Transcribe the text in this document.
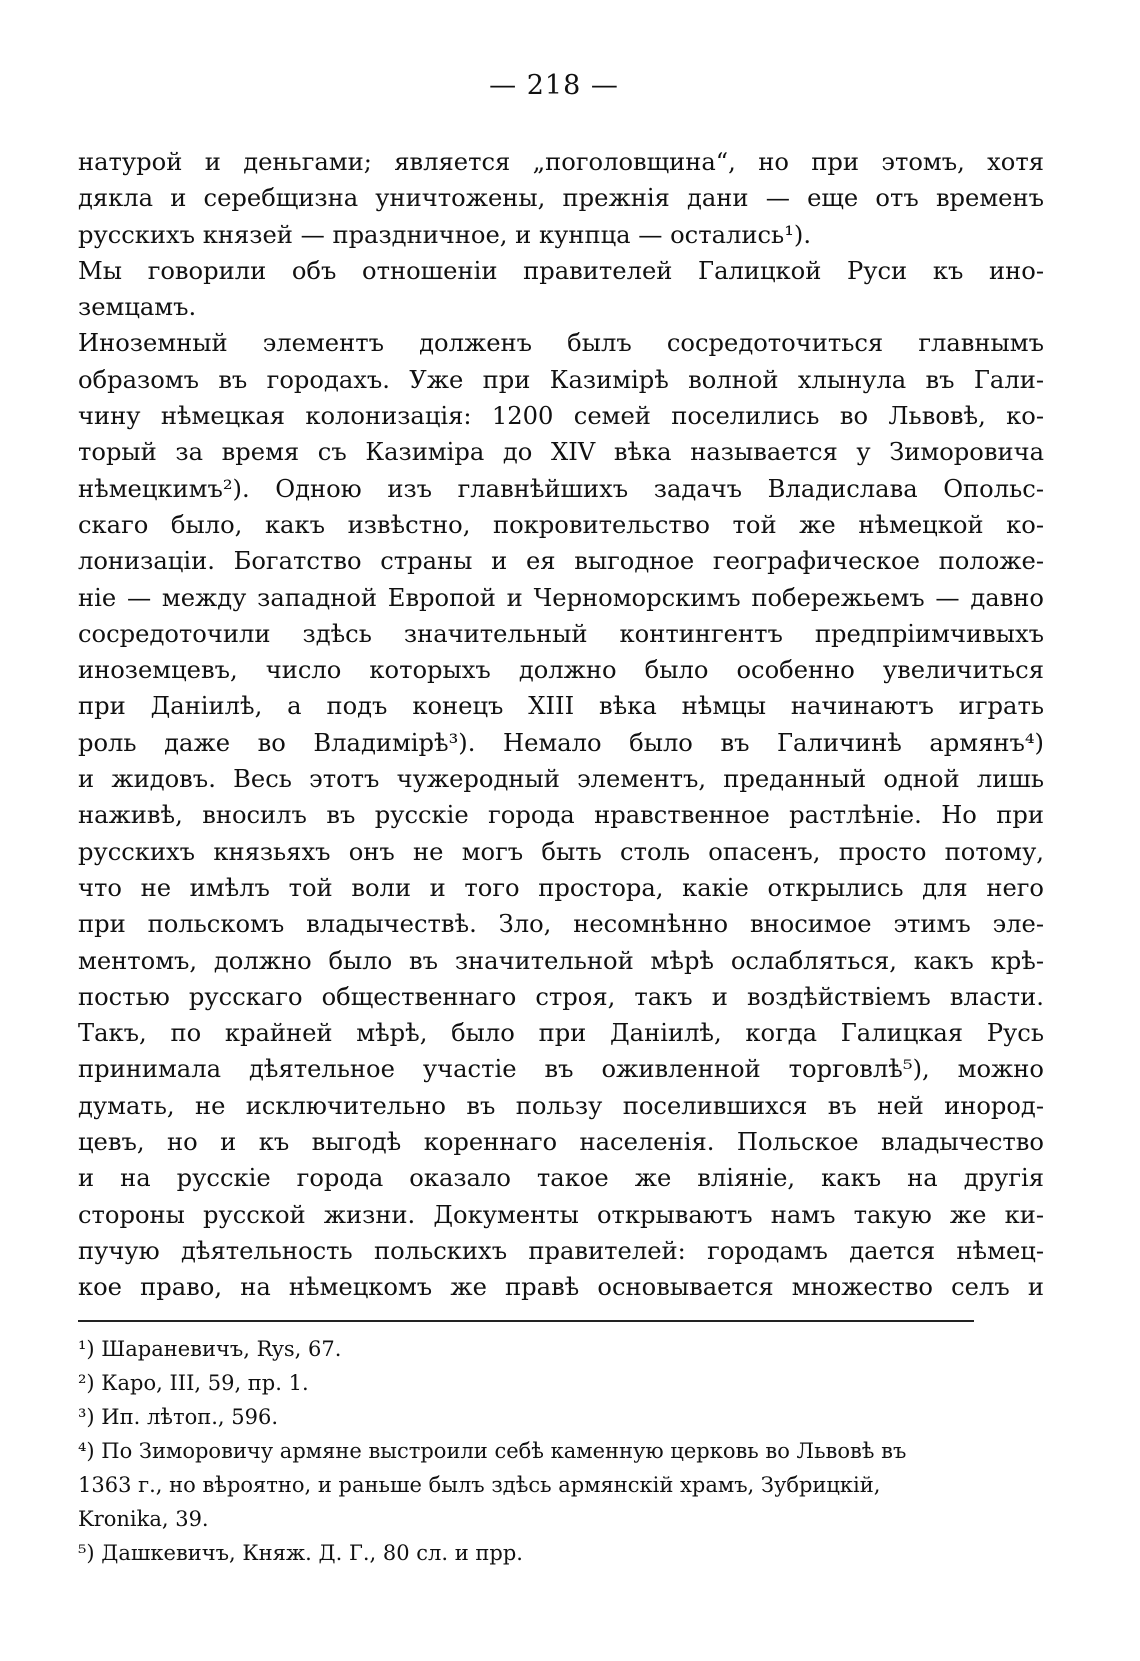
— 218 —
натурой и деньгами; является „поголовщина“, но при этомъ, хотя
дякла и серебщизна уничтожены, прежнія дани — еще отъ временъ
русскихъ князей — праздничное, и кунпца — остались¹).
Мы говорили объ отношеніи правителей Галицкой Руси къ ино-
земцамъ.
Иноземный элементъ долженъ былъ сосредоточиться главнымъ
образомъ въ городахъ. Уже при Казимірѣ волной хлынула въ Гали-
чину нѣмецкая колонизація: 1200 семей поселились во Львовѣ, ко-
торый за время съ Казиміра до XIV вѣка называется у Зиморовича
нѣмецкимъ²). Одною изъ главнѣйшихъ задачъ Владислава Опольс-
скаго было, какъ извѣстно, покровительство той же нѣмецкой ко-
лонизаціи. Богатство страны и ея выгодное географическое положе-
ніе — между западной Европой и Черноморскимъ побережьемъ — давно
сосредоточили здѣсь значительный контингентъ предпріимчивыхъ
иноземцевъ, число которыхъ должно было особенно увеличиться
при Даніилѣ, а подъ конецъ XIII вѣка нѣмцы начинаютъ играть
роль даже во Владимірѣ³). Немало было въ Галичинѣ армянъ⁴)
и жидовъ. Весь этотъ чужеродный элементъ, преданный одной лишь
наживѣ, вносилъ въ русскіе города нравственное растлѣніе. Но при
русскихъ князьяхъ онъ не могъ быть столь опасенъ, просто потому,
что не имѣлъ той воли и того простора, какіе открылись для него
при польскомъ владычествѣ. Зло, несомнѣнно вносимое этимъ эле-
ментомъ, должно было въ значительной мѣрѣ ослабляться, какъ крѣ-
постью русскаго общественнаго строя, такъ и воздѣйствіемъ власти.
Такъ, по крайней мѣрѣ, было при Даніилѣ, когда Галицкая Русь
принимала дѣятельное участіе въ оживленной торговлѣ⁵), можно
думать, не исключительно въ пользу поселившихся въ ней инород-
цевъ, но и къ выгодѣ кореннаго населенія. Польское владычество
и на русскіе города оказало такое же вліяніе, какъ на другія
стороны русской жизни. Документы открываютъ намъ такую же ки-
пучую дѣятельность польскихъ правителей: городамъ дается нѣмец-
кое право, на нѣмецкомъ же правѣ основывается множество селъ и
¹) Шараневичъ, Rys, 67.
²) Каро, III, 59, пр. 1.
³) Ип. лѣтоп., 596.
⁴) По Зиморовичу армяне выстроили себѣ каменную церковь во Львовѣ въ
1363 г., но вѣроятно, и раньше былъ здѣсь армянскій храмъ, Зубрицкій,
Kronika, 39.
⁵) Дашкевичъ, Княж. Д. Г., 80 сл. и прр.
